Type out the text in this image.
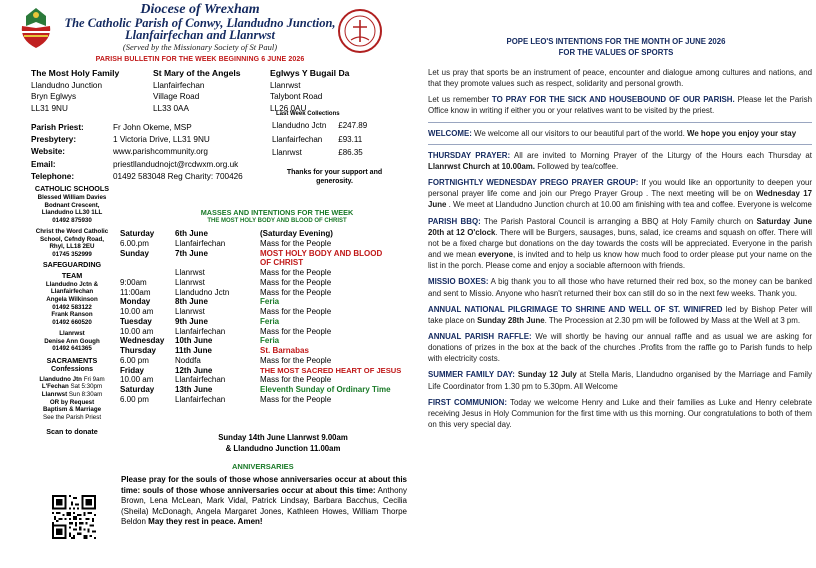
Diocese of Wrexham
The Catholic Parish of Conwy, Llandudno Junction,
Llanfairfechan and Llanrwst
(Served by the Missionary Society of St Paul)
PARISH BULLETIN FOR THE WEEK BEGINNING 6 JUNE 2026
The Most Holy Family
Llandudno Junction
Bryn Eglwys
LL31 9NU
St Mary of the Angels
Llanfairfechan
Village Road
LL33 0AA
Eglwys Y Bugail Da
Llanrwst
Talybont Road
LL26 0AU
Last Week Collections
Llandudno Jctn	£247.89
Llanfairfechan	£93.11
Llanrwst	£86.35
Thanks for your support and generosity.
Parish Priest:	Fr John Okeme, MSP
Presbytery:	1 Victoria Drive, LL31 9NU
Website:	www.parishcommunity.org
Email:	priestllandudnojct@rcdwxm.org.uk
Telephone:	01492 583048 Reg Charity: 700426
CATHOLIC SCHOOLS
Blessed William Davies
Bodnant Crescent,
Llandudno LL30 1LL
01492 875930
Christ the Word Catholic
School, Cefndy Road,
Rhyl, LL18 2EU
01745 352999
SAFEGUARDING TEAM
Llandudno Jctn &
Llanfairfechan
Angela Wilkinson
01492 583122
Frank Ranson
01492 660520
Llanrwst
Denise Ann Gough
01492 641365
SACRAMENTS
Confessions
Llandudno Jtn Fri 9am
L'Fechan Sat 5:30pm
Llanrwst Sun 8:30am
OR by Request
Baptism & Marriage
See the Parish Priest
Scan to donate
MASSES AND INTENTIONS FOR THE WEEK
THE MOST HOLY BODY AND BLOOD OF CHRIST
Saturday	6th June	(Saturday Evening)
6.00.pm	Llanfairfechan	Mass for the People
Sunday	7th June	MOST HOLY BODY AND BLOOD
		OF CHRIST
	Llanrwst	Mass for the People
9:00am	Llanrwst	Mass for the People
11:00am	Llandudno Jctn	Mass for the People
Monday	8th June	Feria
10.00 am	Llanrwst	Mass for the People
Tuesday	9th June	Feria
10.00 am	Llanfairfechan	Mass for the People
Wednesday	10th June	Feria
Thursday	11th June	St. Barnabas
6.00 pm	Noddfa	Mass for the People
Friday	12th June	THE MOST SACRED HEART OF JESUS
10.00 am	Llanfairfechan	Mass for the People
Saturday	13th June	Eleventh Sunday of Ordinary Time
6.00 pm	Llanfairfechan	Mass for the People
Sunday 14th June Llanrwst 9.00am
& Llandudno Junction 11.00am
ANNIVERSARIES
Please pray for the souls of those whose anniversaries occur at about this time: souls of those whose anniversaries occur at about this time: Anthony Brown, Lena McLean, Mark Vidal, Patrick Lindsay, Barbara Bacchus, Cecilia (Sheila) McDonagh, Angela Margaret Jones, Kathleen Howes, William Thorpe Beldon May they rest in peace. Amen!
POPE LEO'S INTENTIONS FOR THE MONTH OF JUNE 2026
FOR THE VALUES OF SPORTS
Let us pray that sports be an instrument of peace, encounter and dialogue among cultures and nations, and that they promote values such as respect, solidarity and personal growth.
Let us remember TO PRAY FOR THE SICK AND HOUSEBOUND OF OUR PARISH. Please let the Parish Office know in writing if either you or your relatives want to be visited by the priest.
WELCOME: We welcome all our visitors to our beautiful part of the world. We hope you enjoy your stay
THURSDAY PRAYER: All are invited to Morning Prayer of the Liturgy of the Hours each Thursday at Llanrwst Church at 10.00am. Followed by tea/coffee.
FORTNIGHTLY WEDNESDAY PREGO PRAYER GROUP: If you would like an opportunity to deepen your personal prayer life come and join our Prego Prayer Group . The next meeting will be on Wednesday 17 June . We meet at Llandudno Junction church at 10.00 am finishing with tea and coffee. Everyone is welcome
PARISH BBQ: The Parish Pastoral Council is arranging a BBQ at Holy Family church on Saturday June 20th at 12 O'clock. There will be Burgers, sausages, buns, salad, ice creams and squash on offer. There will not be a fixed charge but donations on the day towards the costs will be appreciated. Everyone in the parish and we mean everyone, is invited and to help us know how much food to order please put your name on the list in the porch. Please come and enjoy a sociable afternoon with friends.
MISSIO BOXES: A big thank you to all those who have returned their red box, so the money can be banked and sent to Missio. Anyone who hasn't returned their box can still do so in the next few weeks. Thank you.
ANNUAL NATIONAL PILGRIMAGE TO SHRINE AND WELL OF ST. WINIFRED led by Bishop Peter will take place on Sunday 28th June. The Procession at 2.30 pm will be followed by Mass at the Well at 3 pm.
ANNUAL PARISH RAFFLE: We will shortly be having our annual raffle and as usual we are asking for donations of prizes in the box at the back of the churches .Profits from the raffle go to Parish funds to help with electricity costs.
SUMMER FAMILY DAY: Sunday 12 July at Stella Maris, Llandudno organised by the Marriage and Family Life Coordinator from 1.30 pm to 5.30pm. All Welcome
FIRST COMMUNION: Today we welcome Henry and Luke and their families as Luke and Henry celebrate receiving Jesus in Holy Communion for the first time with us this morning. Our congratulations to both of them on this very special day.
